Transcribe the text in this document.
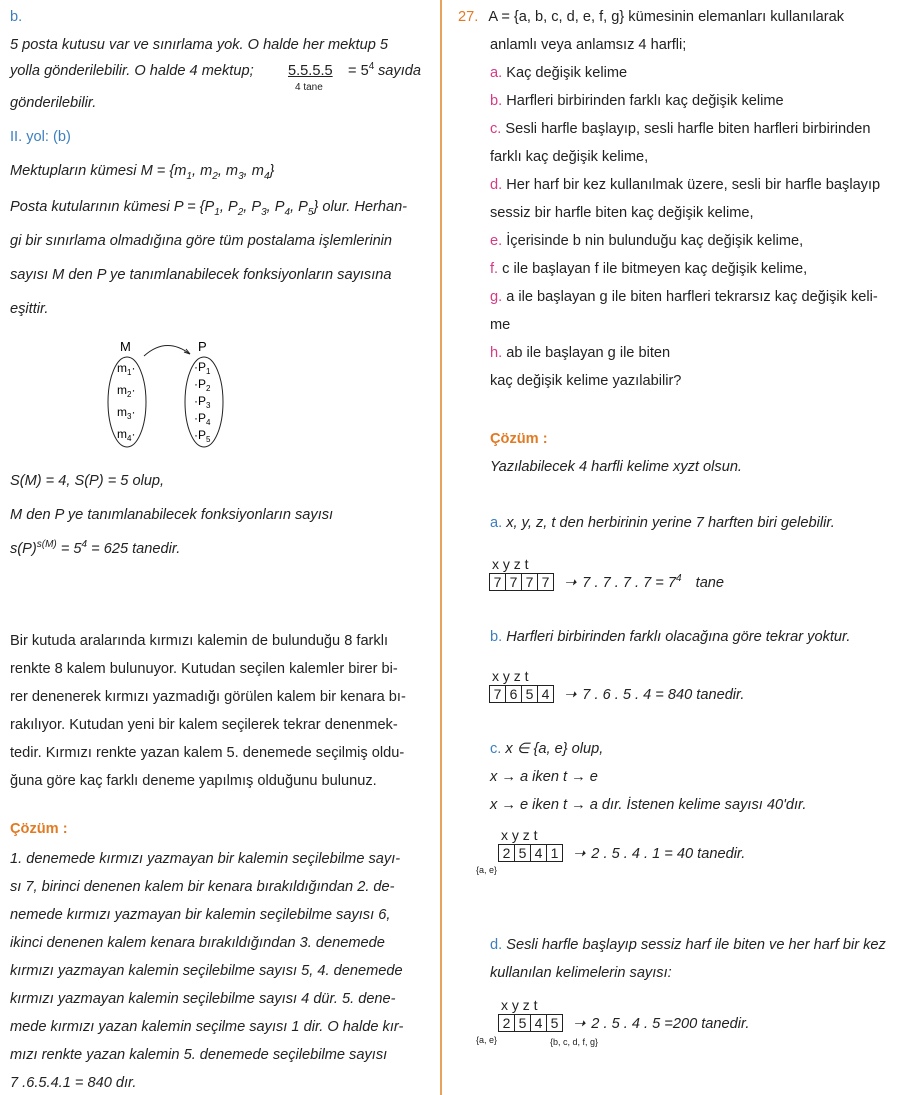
b.
5 posta kutusu var ve sınırlama yok. O halde her mektup 5
yolla gönderilebilir. O halde 4 mektup; $5.5.5.5 = 5^4$ sayıda
4 tane
gönderilebilir.
II. yol: (b)
Mektupların kümesi $M = \{m_1$, $m_2$, $m_3$, $m_4$}
Posta kutularının kümesi $P = \{P_1$, $P_2$, $P_3$, $P_4$, $P_5$} olur. Herhan-
gi bir sınırlama olmadığına göre tüm postalama işlemlerinin
sayısı M den P ye tanımlanabilecek fonksiyonların sayısına
eşittir.
M	P
$m_1\cdot$
$m_2\cdot$
$m_3\cdot$
$m_4\cdot$
$\cdot P_1$
$\cdot P_2$
$\cdot P_3$
$\cdot P_4$
$\cdot P_5$
S(M) = 4, S(P) = 5 olup,
M den P ye tanımlanabilecek fonksiyonların sayısı
$s(P)^{s(M)} = 5^4 = 625$ tanedir.
Bir kutuda aralarında kırmızı kalemin de bulunduğu 8 farklı
renkte 8 kalem bulunuyor. Kutudan seçilen kalemler birer bi-
rer denenerek kırmızı yazmadığı görülen kalem bir kenara bı-
rakılıyor. Kutudan yeni bir kalem seçilerek tekrar denenmek-
tedir. Kırmızı renkte yazan kalem 5. denemede seçilmiş oldu-
ğuna göre kaç farklı deneme yapılmış olduğunu bulunuz.
Çözüm :
1. denemede kırmızı yazmayan bir kalemin seçilebilme sayı-
sı 7, birinci denenen kalem bir kenara bırakıldığından 2. de-
nemede kırmızı yazmayan bir kalemin seçilebilme sayısı 6,
ikinci denenen kalem kenara bırakıldığından 3. denemede
kırmızı yazmayan kalemin seçilebilme sayısı 5, 4. denemede
kırmızı yazmayan kalemin seçilebilme sayısı 4 dür. 5. dene-
mede kırmızı yazan kalemin seçilme sayısı 1 dir. O halde kır-
mızı renkte yazan kalemin 5. denemede seçilebilme sayısı
7 .6.5.4.1 = 840 dır.
27. A = {a, b, c, d, e, f, g} kümesinin elemanları kullanılarak
anlamlı veya anlamsız 4 harfli;
a. Kaç değişik kelime
b. Harfleri birbirinden farklı kaç değişik kelime
c. Sesli harfle başlayıp, sesli harfle biten harfleri birbirinden
farklı kaç değişik kelime,
d. Her harf bir kez kullanılmak üzere, sesli bir harfle başlayıp
sessiz bir harfle biten kaç değişik kelime,
e. İçerisinde b nin bulunduğu kaç değişik kelime,
f. c ile başlayan f ile bitmeyen kaç değişik kelime,
g. a ile başlayan g ile biten harfleri tekrarsız kaç değişik keli-
me
h. ab ile başlayan g ile biten
kaç değişik kelime yazılabilir?
Çözüm :
Yazılabilecek 4 harfli kelime xyzt olsun.
a. x, y, z, t den herbirinin yerine 7 harften biri gelebilir.
x y z t
7 7 7 7 ➝ 7 . 7 . 7 . $7 = 7^4$ tane
b. Harfleri birbirinden farklı olacağına göre tekrar yoktur.
x y z t
7 6 5 4 ➝ 7 . 6 . 5 . 4 = 840 tanedir.
c. x ∈ {a, e} olup,
x → a iken t → e
x → e iken t → a dır. İstenen kelime sayısı 40'dır.
x y z t
2 5 4 1 ➝ 2 . 5 . 4 . 1 = 40 tanedir.
{a, e}
d. Sesli harfle başlayıp sessiz harf ile biten ve her harf bir kez
kullanılan kelimelerin sayısı:
x y z t
2 5 4 5 ➝ 2 . 5 . 4 . 5 =200 tanedir.
{a, e}	{b, c, d, f, g}
